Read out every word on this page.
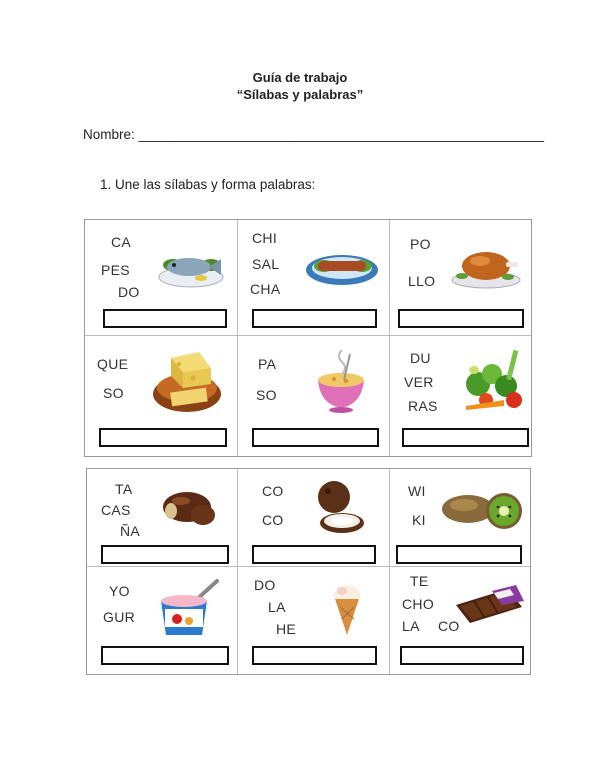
Guía de trabajo
“Sílabas y palabras”
Nombre: ______________________________________________________
1. Une las sílabas y forma palabras:
CA
PES
DO
CHI
SAL
CHA
PO
LLO
QUE
SO
PA
SO
DU
VER
RAS
TA
CAS
ÑA
CO
CO
WI
KI
YO
GUR
DO
LA
HE
TE
CHO
LA CO
